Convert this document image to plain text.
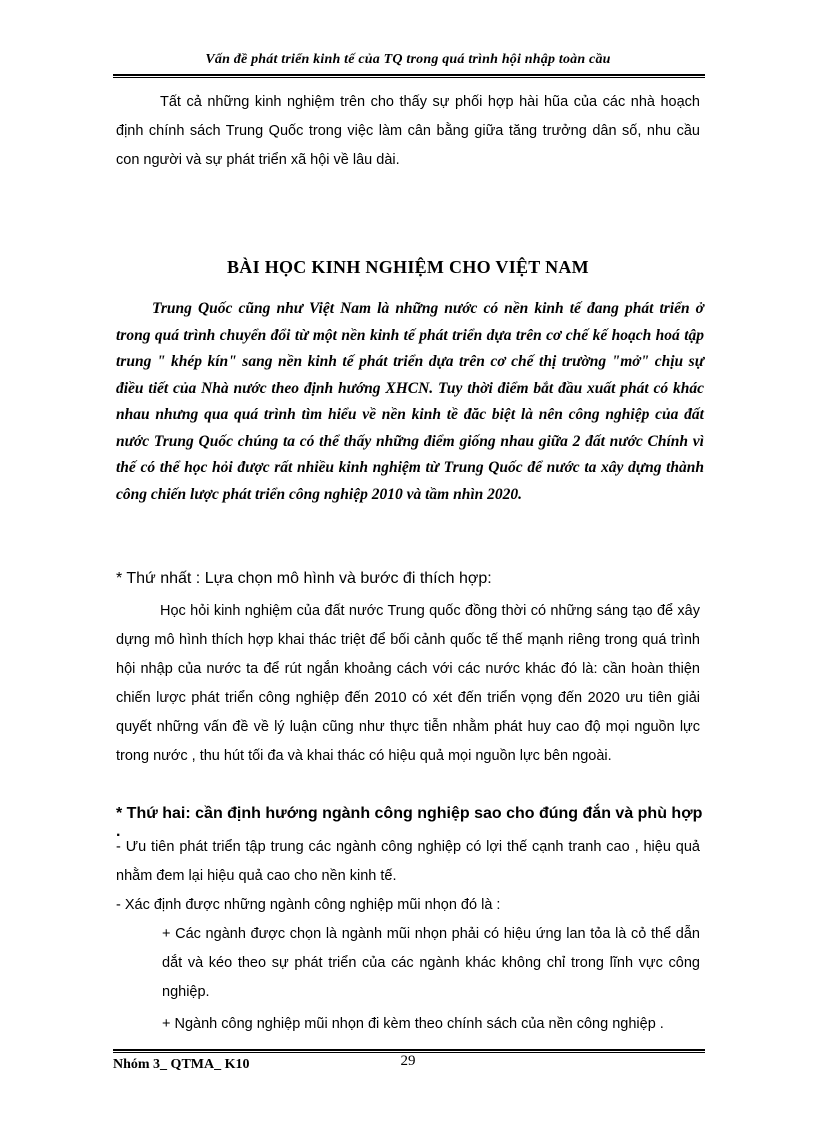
Vấn đề phát triển kinh tế của TQ trong quá trình hội nhập toàn cầu
Tất cả những kinh nghiệm trên cho thấy sự phối hợp hài hũa của các nhà hoạch định chính sách Trung Quốc trong việc làm cân bằng giữa tăng trưởng dân số, nhu cầu con người và sự phát triển xã hội về lâu dài.
BÀI HỌC KINH NGHIỆM CHO VIỆT NAM
Trung Quốc cũng như Việt Nam là những nước có nền kinh tế đang phát triển ở trong quá trình chuyển đổi từ một nền kinh tế phát triển dựa trên cơ chế kế hoạch hoá tập trung " khép kín" sang nền kinh tế phát triển dựa trên cơ chế thị trường "mở" chịu sự điều tiết của Nhà nước theo định hướng XHCN. Tuy thời điểm bắt đầu xuất phát có khác nhau nhưng qua quá trình tìm hiểu về nền kinh tề đăc biệt là nên công nghiệp của đất nước Trung Quốc chúng ta có thể thấy những điểm giống nhau giữa 2 đất nước Chính vì thế có thể học hỏi được rất nhiều kinh nghiệm từ Trung Quốc để nước ta xây dựng thành công chiến lược phát triển công nghiệp 2010 và tầm nhìn 2020.
* Thứ nhất : Lựa chọn mô hình và bước đi thích hợp:
Học hỏi kinh nghiệm của đất nước Trung quốc đồng thời có những sáng tạo để xây dựng mô hình thích hợp khai thác triệt để bối cảnh quốc tế thế mạnh riêng trong quá trình hội nhập của nước ta để rút ngắn khoảng cách với các nước khác đó là: cần hoàn thiện chiến lược phát triển công nghiệp đến 2010 có xét đến triển vọng đến 2020 ưu tiên giải quyết những vấn đề về lý luận cũng như thực tiễn nhằm phát huy cao độ mọi nguồn lực trong nước , thu hút tối đa và khai thác có hiệu quả mọi nguồn lực bên ngoài.
* Thứ hai: cần định hướng ngành công nghiệp sao cho đúng đắn và phù hợp .
- Ưu tiên phát triển tập trung các ngành công nghiệp có lợi thế cạnh tranh cao , hiệu quả nhằm đem lại hiệu quả cao cho nền kinh tế.
- Xác định được những ngành công nghiệp mũi nhọn đó là :
+ Các ngành được chọn là ngành mũi nhọn phải có hiệu ứng lan tỏa là cỏ thể dẫn dắt và kéo theo sự phát triển của các ngành khác không chỉ trong lĩnh vực công nghiệp.
+ Ngành công nghiệp mũi nhọn đi kèm theo chính sách của nền công nghiệp .
Nhóm 3_ QTMA_ K10	29
